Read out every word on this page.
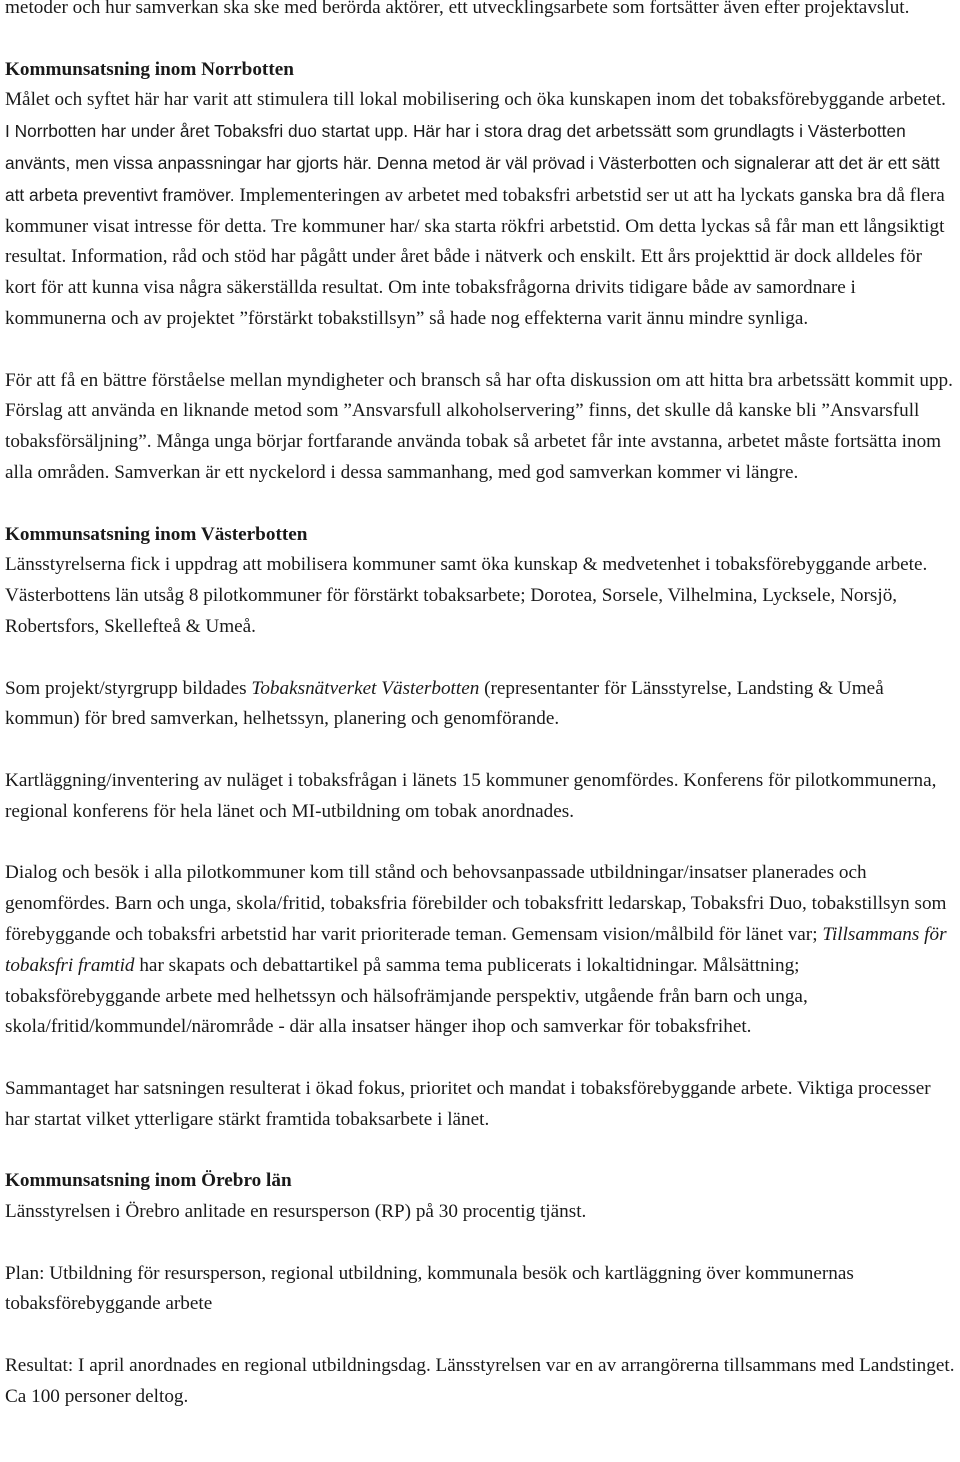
metoder och hur samverkan ska ske med berörda aktörer, ett utvecklingsarbete som fortsätter även efter projektavslut.

Kommunsatsning inom Norrbotten
Målet och syftet här har varit att stimulera till lokal mobilisering och öka kunskapen inom det tobaksförebyggande arbetet. I Norrbotten har under året Tobaksfri duo startat upp. Här har i stora drag det arbetssätt som grundlagts i Västerbotten använts, men vissa anpassningar har gjorts här. Denna metod är väl prövad i Västerbotten och signalerar att det är ett sätt att arbeta preventivt framöver. Implementeringen av arbetet med tobaksfri arbetstid ser ut att ha lyckats ganska bra då flera kommuner visat intresse för detta. Tre kommuner har/ ska starta rökfri arbetstid. Om detta lyckas så får man ett långsiktigt resultat. Information, råd och stöd har pågått under året både i nätverk och enskilt. Ett års projekttid är dock alldeles för kort för att kunna visa några säkerställda resultat. Om inte tobaksfrågorna drivits tidigare både av samordnare i kommunerna och av projektet ”förstärkt tobakstillsyn” så hade nog effekterna varit ännu mindre synliga.

För att få en bättre förståelse mellan myndigheter och bransch så har ofta diskussion om att hitta bra arbetssätt kommit upp. Förslag att använda en liknande metod som ”Ansvarsfull alkoholservering” finns, det skulle då kanske bli ”Ansvarsfull tobaksförsäljning”. Många unga börjar fortfarande använda tobak så arbetet får inte avstanna, arbetet måste fortsätta inom alla områden. Samverkan är ett nyckelord i dessa sammanhang, med god samverkan kommer vi längre.

Kommunsatsning inom Västerbotten
Länsstyrelserna fick i uppdrag att mobilisera kommuner samt öka kunskap & medvetenhet i tobaksförebyggande arbete. Västerbottens län utsåg 8 pilotkommuner för förstärkt tobaksarbete; Dorotea, Sorsele, Vilhelmina, Lycksele, Norsjö, Robertsfors, Skellefteå & Umeå.

Som projekt/styrgrupp bildades Tobaksnätverket Västerbotten (representanter för Länsstyrelse, Landsting & Umeå kommun) för bred samverkan, helhetssyn, planering och genomförande.

Kartläggning/inventering av nuläget i tobaksfrågan i länets 15 kommuner genomfördes. Konferens för pilotkommunerna, regional konferens för hela länet och MI-utbildning om tobak anordnades.

Dialog och besök i alla pilotkommuner kom till stånd och behovsanpassade utbildningar/insatser planerades och genomfördes. Barn och unga, skola/fritid, tobaksfria förebilder och tobaksfritt ledarskap, Tobaksfri Duo, tobakstillsyn som förebyggande och tobaksfri arbetstid har varit prioriterade teman. Gemensam vision/målbild för länet var; Tillsammans för tobaksfri framtid har skapats och debattartikel på samma tema publicerats i lokaltidningar. Målsättning; tobaksförebyggande arbete med helhetssyn och hälsofrämjande perspektiv, utgående från barn och unga, skola/fritid/kommundel/närområde - där alla insatser hänger ihop och samverkar för tobaksfrihet.

Sammantaget har satsningen resulterat i ökad fokus, prioritet och mandat i tobaksförebyggande arbete. Viktiga processer har startat vilket ytterligare stärkt framtida tobaksarbete i länet.

Kommunsatsning inom Örebro län
Länsstyrelsen i Örebro anlitade en resursperson (RP) på 30 procentig tjänst.

Plan: Utbildning för resursperson, regional utbildning, kommunala besök och kartläggning över kommunernas tobaksförebyggande arbete

Resultat: I april anordnades en regional utbildningsdag. Länsstyrelsen var en av arrangörerna tillsammans med Landstinget. Ca 100 personer deltog.
